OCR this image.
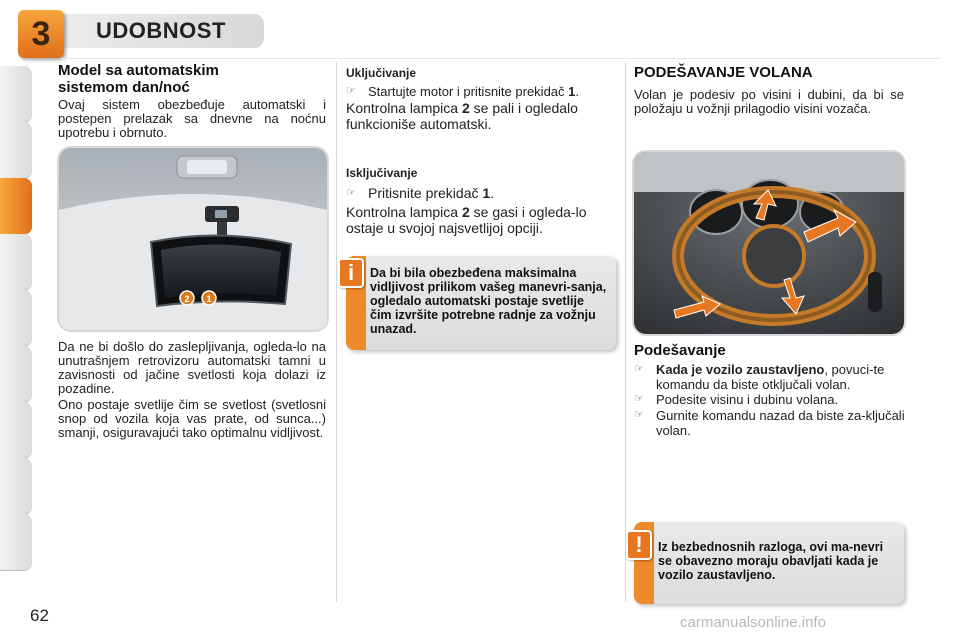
3	UDOBNOST
Model sa automatskim sistemom dan/noć
Ovaj sistem obezbeđuje automatski i postepen prelazak sa dnevne na noćnu upotrebu i obrnuto.
2 1
Da ne bi došlo do zaslepljivanja, ogleda-lo na unutrašnjem retrovizoru automatski tamni u zavisnosti od jačine svetlosti koja dolazi iz pozadine.
Ono postaje svetlije čim se svetlost (svetlosni snop od vozila koja vas prate, od sunca...) smanji, osiguravajući tako optimalnu vidljivost.
Uključivanje
☞ Startujte motor i pritisnite prekidač 1.
Kontrolna lampica 2 se pali i ogledalo funkcioniše automatski.
Isključivanje
☞ Pritisnite prekidač 1.
Kontrolna lampica 2 se gasi i ogleda-lo ostaje u svojoj najsvetlijoj opciji.
Da bi bila obezbeđena maksimalna vidljivost prilikom vašeg manevri-sanja, ogledalo automatski postaje svetlije čim izvršite potrebne radnje za vožnju unazad.
i
PODEŠAVANJE VOLANA
Volan je podesiv po visini i dubini, da bi se položaju u vožnji prilagodio visini vozača.
Podešavanje
☞ Kada je vozilo zaustavljeno, povuci-te komandu da biste otključali volan.
☞ Podesite visinu i dubinu volana.
☞ Gurnite komandu nazad da biste za-ključali volan.
Iz bezbednosnih razloga, ovi ma-nevri se obavezno moraju obavljati kada je vozilo zaustavljeno.
!
62	carmanualsonline.info
